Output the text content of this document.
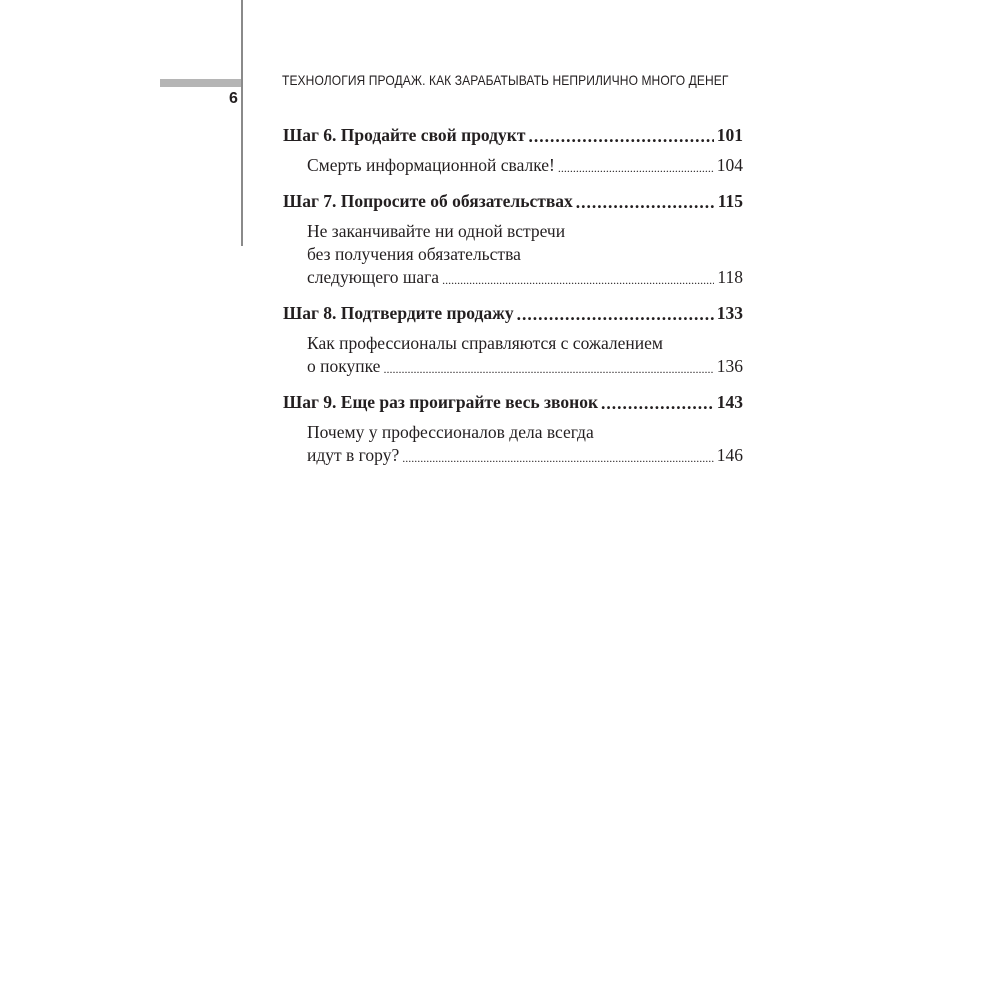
6
ТЕХНОЛОГИЯ ПРОДАЖ. КАК ЗАРАБАТЫВАТЬ НЕПРИЛИЧНО МНОГО ДЕНЕГ
Шаг 6. Продайте свой продукт .....	101
Смерть информационной свалке! .....	104
Шаг 7. Попросите об обязательствах .....	115
Не заканчивайте ни одной встречи
без получения обязательства
следующего шага .....	118
Шаг 8. Подтвердите продажу .....	133
Как профессионалы справляются с сожалением
о покупке .....	136
Шаг 9. Еще раз проиграйте весь звонок .....	143
Почему у профессионалов дела всегда
идут в гору? .....	146
